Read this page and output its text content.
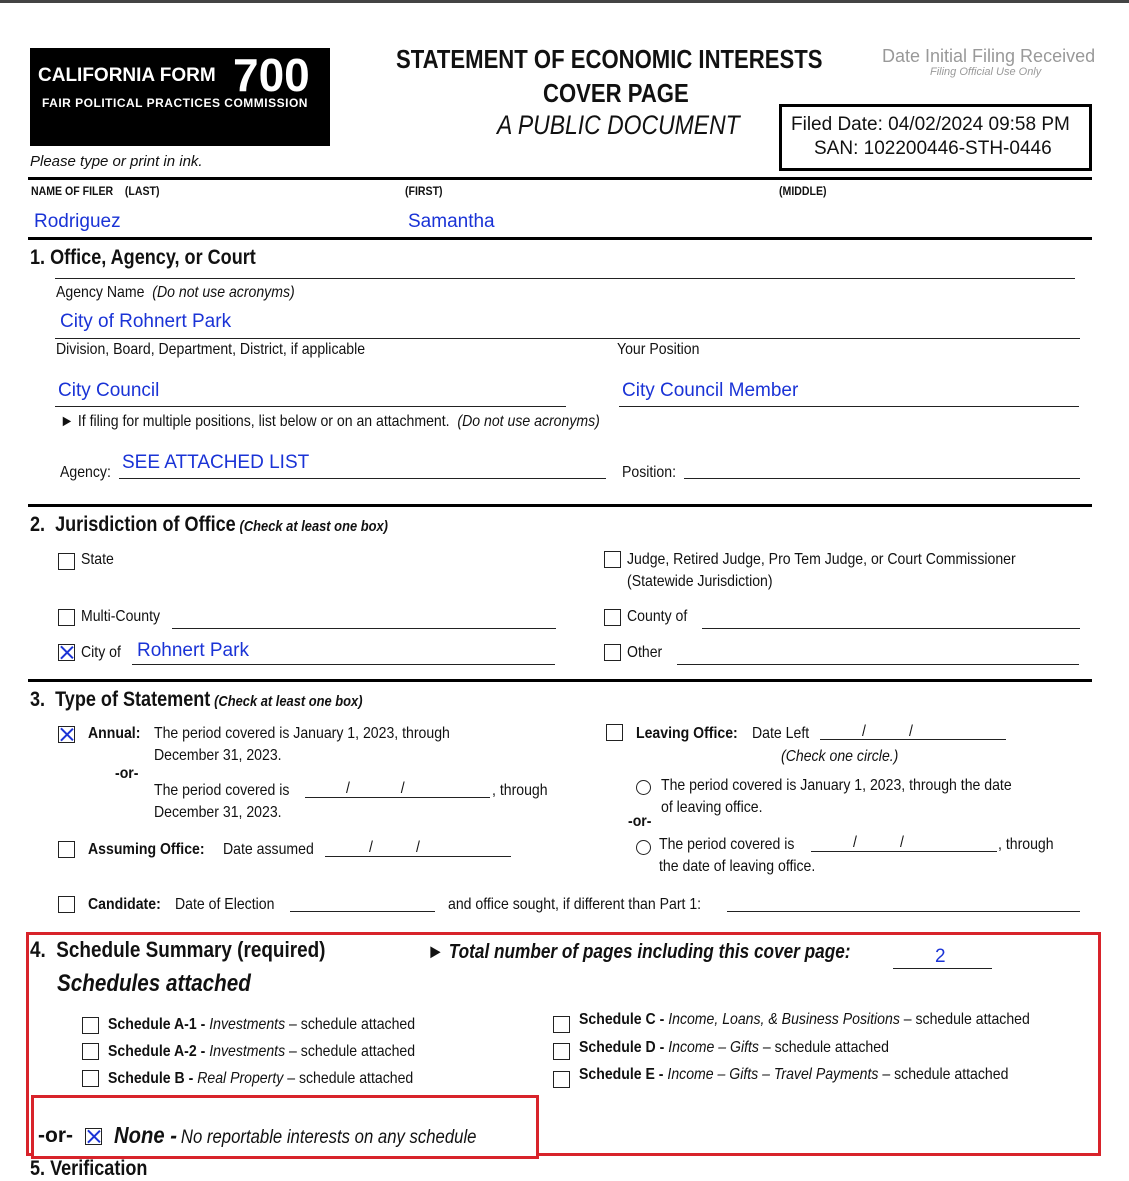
CALIFORNIA FORM 700
FAIR POLITICAL PRACTICES COMMISSION
STATEMENT OF ECONOMIC INTERESTS
COVER PAGE
A PUBLIC DOCUMENT
Date Initial Filing Received
Filing Official Use Only
Filed Date: 04/02/2024 09:58 PM
SAN: 102200446-STH-0446
Please type or print in ink.
NAME OF FILER    (LAST)	(FIRST)	(MIDDLE)
Rodriguez	Samantha
1. Office, Agency, or Court
Agency Name (Do not use acronyms)
City of Rohnert Park
Division, Board, Department, District, if applicable	Your Position
City Council	City Council Member
► If filing for multiple positions, list below or on an attachment. (Do not use acronyms)
Agency: SEE ATTACHED LIST	Position:
2.  Jurisdiction of Office (Check at least one box)
State	Judge, Retired Judge, Pro Tem Judge, or Court Commissioner
(Statewide Jurisdiction)
Multi-County	County of
City of Rohnert Park	Other
3.  Type of Statement (Check at least one box)
Annual: The period covered is January 1, 2023, through
December 31, 2023.
-or-
The period covered is	/             /	, through
December 31, 2023.
Assuming Office: Date assumed	/           /
Leaving Office: Date Left	/           /
(Check one circle.)
The period covered is January 1, 2023, through the date
of leaving office.
-or-
The period covered is	/           /	, through
the date of leaving office.
Candidate: Date of Election	and office sought, if different than Part 1:
4.  Schedule Summary (required)	► Total number of pages including this cover page:	2
Schedules attached
Schedule A-1 - Investments – schedule attached
Schedule A-2 - Investments – schedule attached
Schedule B - Real Property – schedule attached
Schedule C - Income, Loans, & Business Positions – schedule attached
Schedule D - Income – Gifts – schedule attached
Schedule E - Income – Gifts – Travel Payments – schedule attached
-or- None - No reportable interests on any schedule
5. Verification
